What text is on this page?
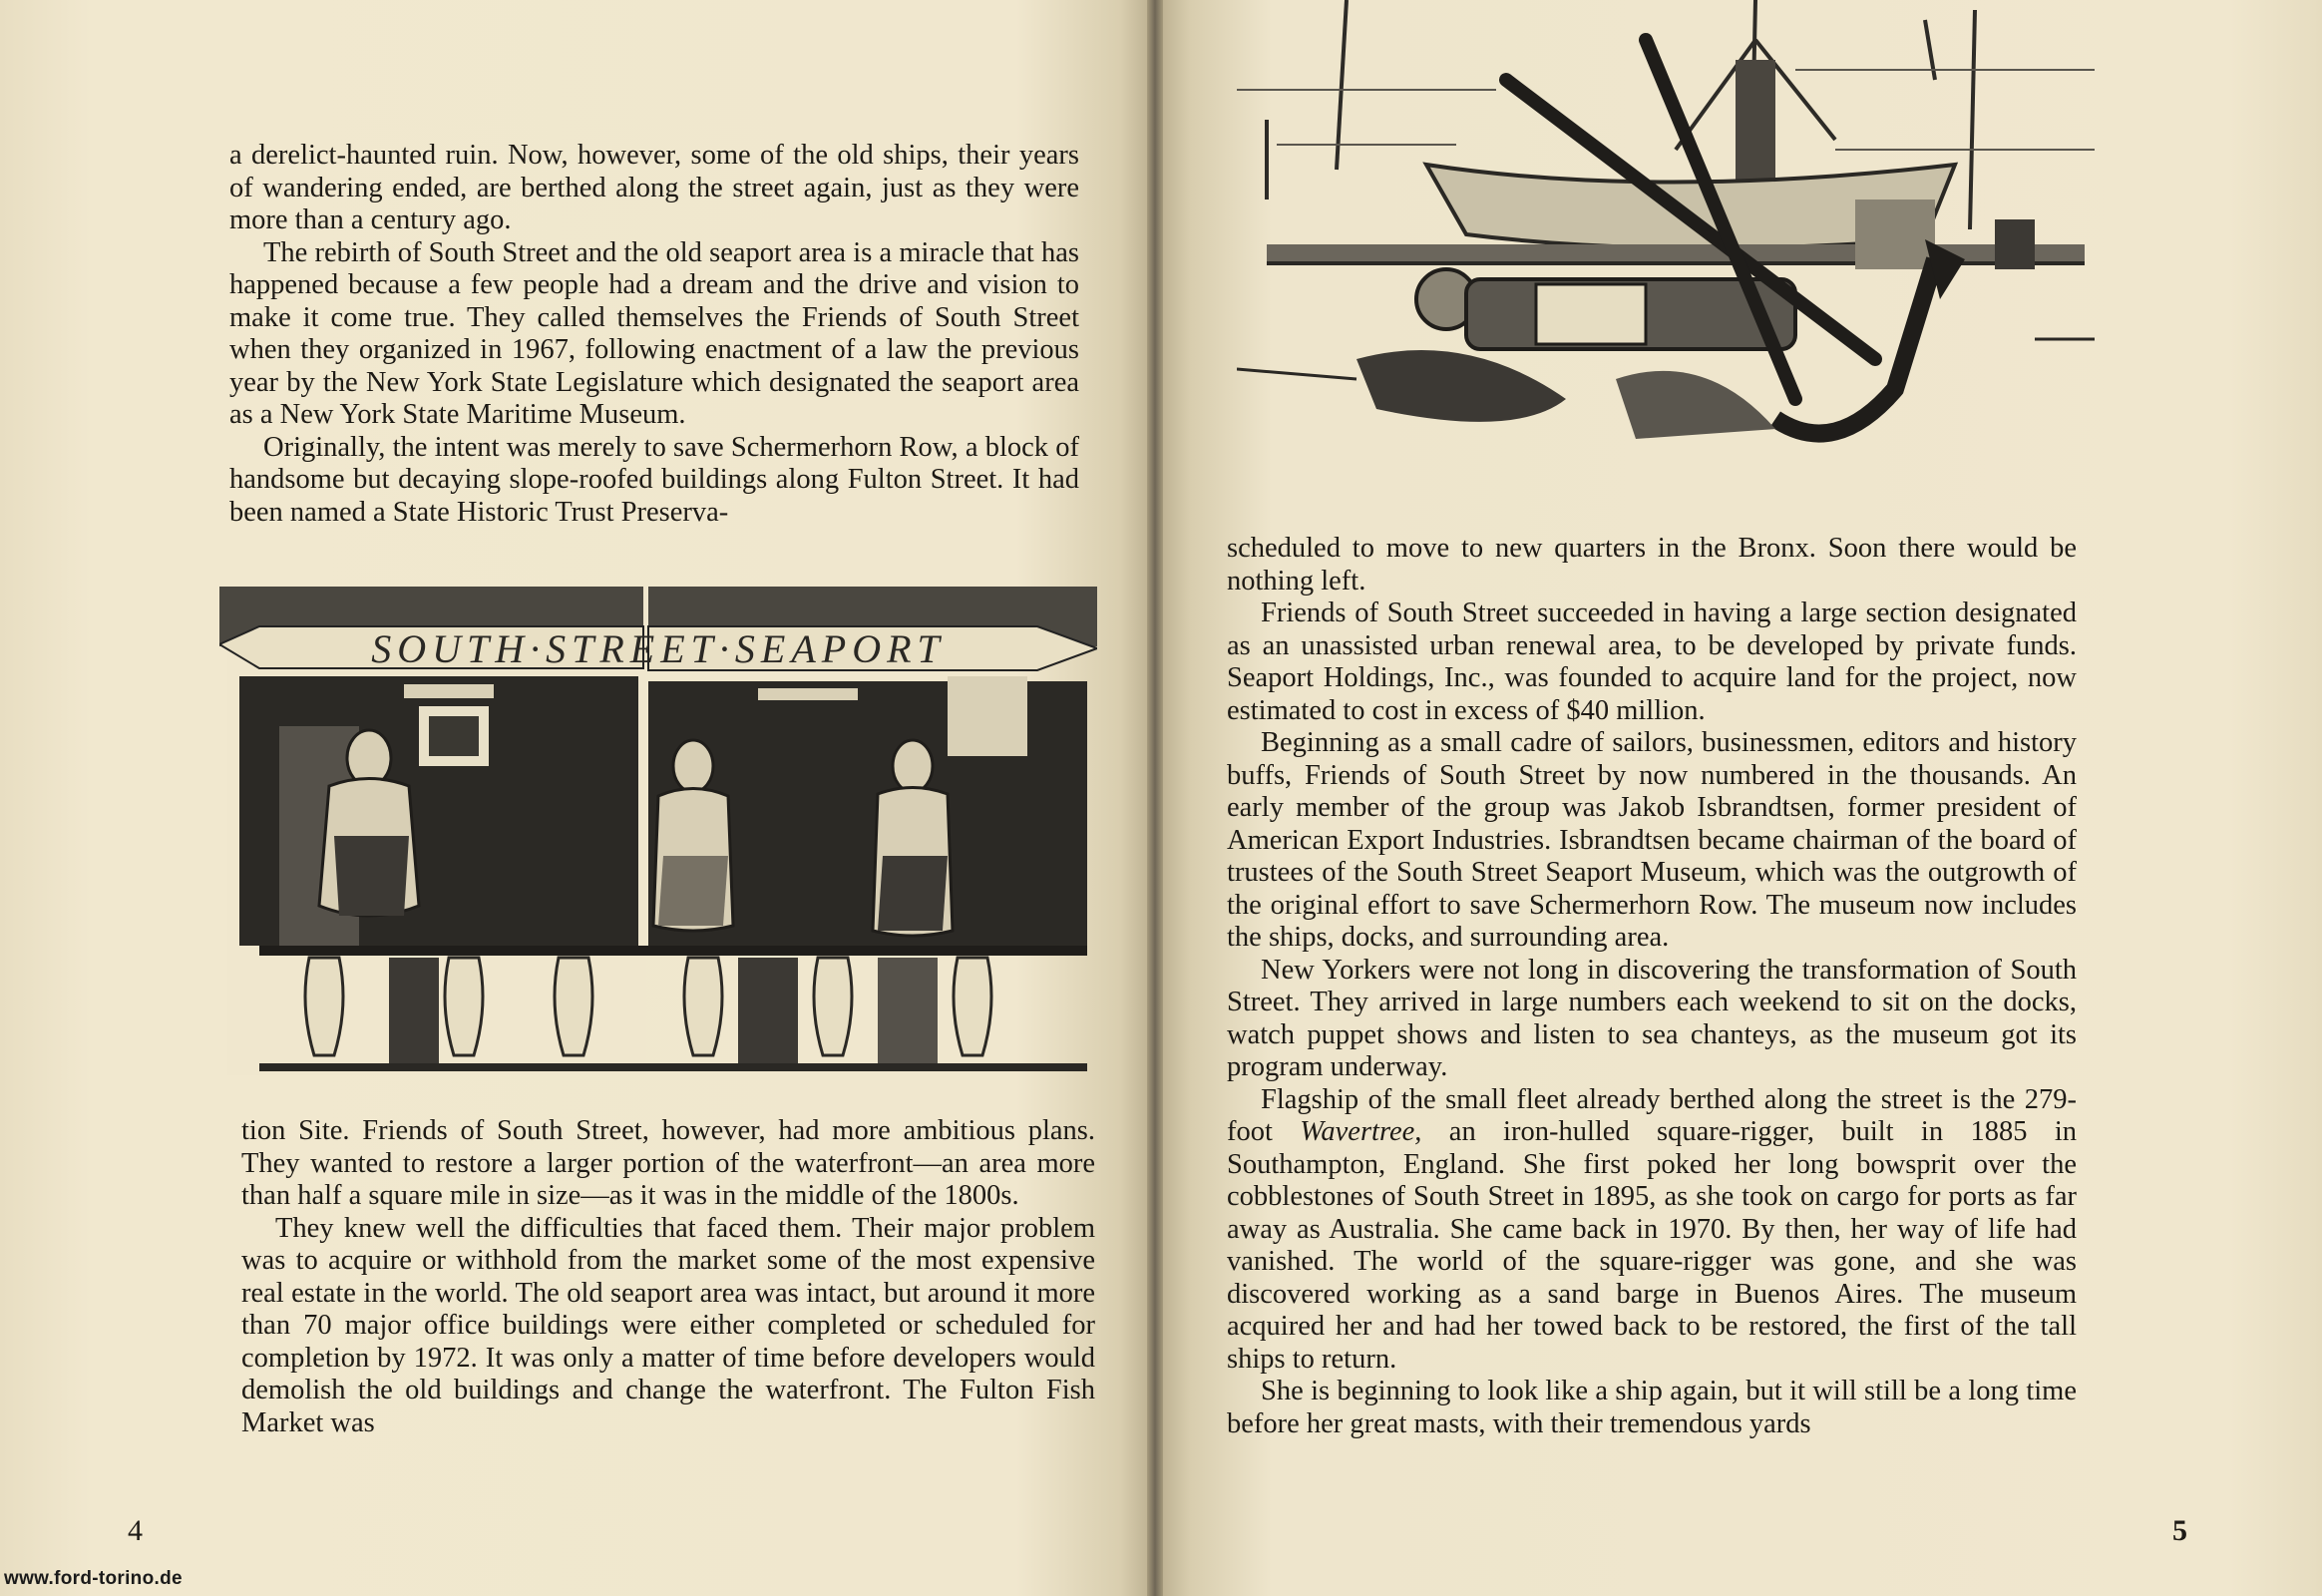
a derelict-haunted ruin. Now, however, some of the old ships, their years of wandering ended, are berthed along the street again, just as they were more than a century ago.

The rebirth of South Street and the old seaport area is a miracle that has happened because a few people had a dream and the drive and vision to make it come true. They called themselves the Friends of South Street when they organized in 1967, following enactment of a law the previous year by the New York State Legislature which designated the seaport area as a New York State Maritime Museum.

Originally, the intent was merely to save Schermerhorn Row, a block of handsome but decaying slope-roofed buildings along Fulton Street. It had been named a State Historic Trust Preserva-

SOUTH·STREET·SEAPORT

tion Site. Friends of South Street, however, had more ambitious plans. They wanted to restore a larger portion of the waterfront—an area more than half a square mile in size—as it was in the middle of the 1800s.

They knew well the difficulties that faced them. Their major problem was to acquire or withhold from the market some of the most expensive real estate in the world. The old seaport area was intact, but around it more than 70 major office buildings were either completed or scheduled for completion by 1972. It was only a matter of time before developers would demolish the old buildings and change the waterfront. The Fulton Fish Market was

4

scheduled to move to new quarters in the Bronx. Soon there would be nothing left.

Friends of South Street succeeded in having a large section designated as an unassisted urban renewal area, to be developed by private funds. Seaport Holdings, Inc., was founded to acquire land for the project, now estimated to cost in excess of $40 million.

Beginning as a small cadre of sailors, businessmen, editors and history buffs, Friends of South Street by now numbered in the thousands. An early member of the group was Jakob Isbrandtsen, former president of American Export Industries. Isbrandtsen became chairman of the board of trustees of the South Street Seaport Museum, which was the outgrowth of the original effort to save Schermerhorn Row. The museum now includes the ships, docks, and surrounding area.

New Yorkers were not long in discovering the transformation of South Street. They arrived in large numbers each weekend to sit on the docks, watch puppet shows and listen to sea chanteys, as the museum got its program underway.

Flagship of the small fleet already berthed along the street is the 279-foot Wavertree, an iron-hulled square-rigger, built in 1885 in Southampton, England. She first poked her long bowsprit over the cobblestones of South Street in 1895, as she took on cargo for ports as far away as Australia. She came back in 1970. By then, her way of life had vanished. The world of the square-rigger was gone, and she was discovered working as a sand barge in Buenos Aires. The museum acquired her and had her towed back to be restored, the first of the tall ships to return.

She is beginning to look like a ship again, but it will still be a long time before her great masts, with their tremendous yards

5
www.ford-torino.de
